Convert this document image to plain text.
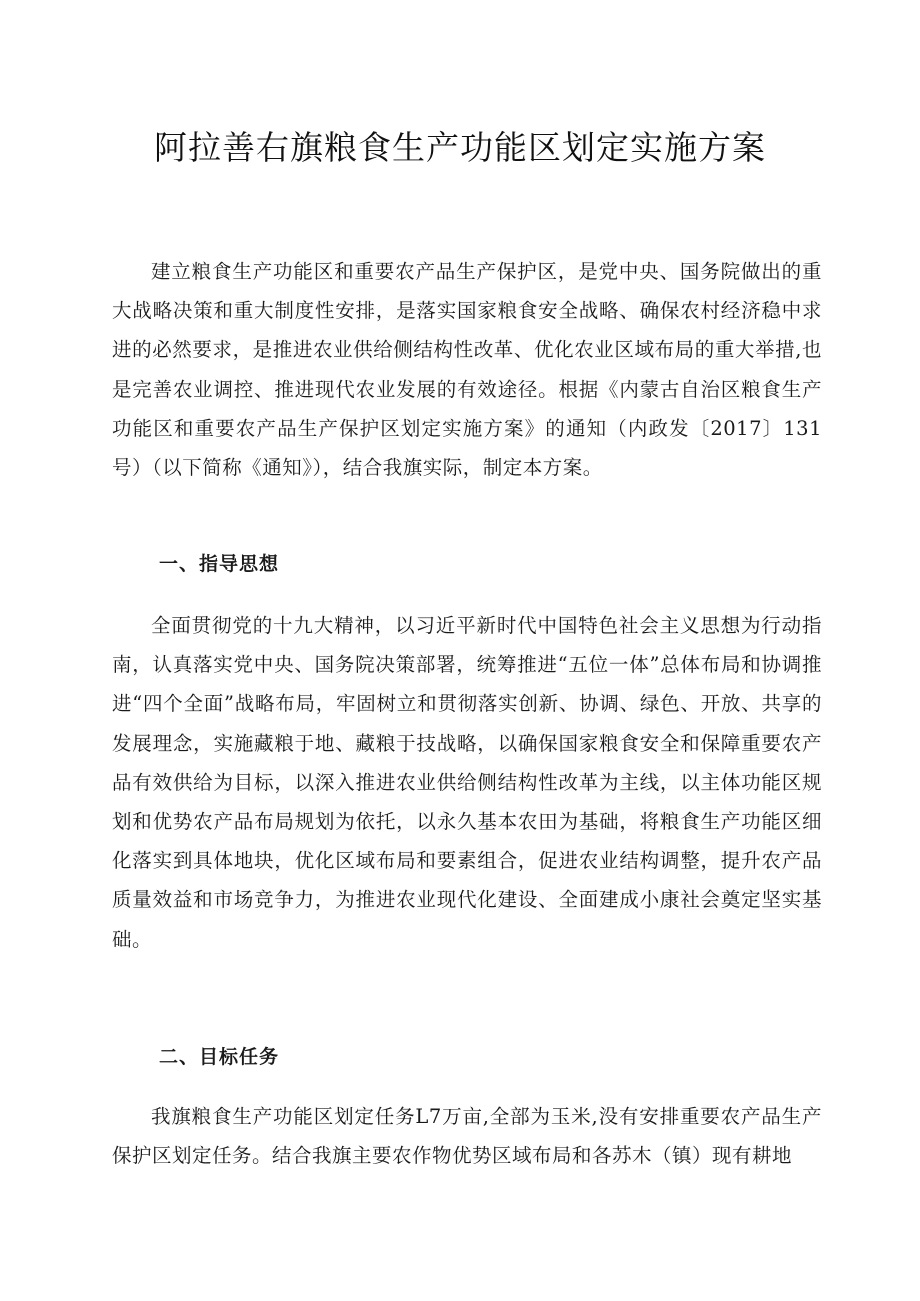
阿拉善右旗粮食生产功能区划定实施方案

建立粮食生产功能区和重要农产品生产保护区，是党中央、国务院做出的重大战略决策和重大制度性安排，是落实国家粮食安全战略、确保农村经济稳中求进的必然要求，是推进农业供给侧结构性改革、优化农业区域布局的重大举措,也是完善农业调控、推进现代农业发展的有效途径。根据《内蒙古自治区粮食生产功能区和重要农产品生产保护区划定实施方案》的通知（内政发〔2017〕131号）（以下简称《通知》），结合我旗实际，制定本方案。

一、指导思想

全面贯彻党的十九大精神，以习近平新时代中国特色社会主义思想为行动指南，认真落实党中央、国务院决策部署，统筹推进“五位一体”总体布局和协调推进“四个全面”战略布局，牢固树立和贯彻落实创新、协调、绿色、开放、共享的发展理念，实施藏粮于地、藏粮于技战略，以确保国家粮食安全和保障重要农产品有效供给为目标，以深入推进农业供给侧结构性改革为主线，以主体功能区规划和优势农产品布局规划为依托，以永久基本农田为基础，将粮食生产功能区细化落实到具体地块，优化区域布局和要素组合，促进农业结构调整，提升农产品质量效益和市场竞争力，为推进农业现代化建设、全面建成小康社会奠定坚实基础。

二、目标任务

我旗粮食生产功能区划定任务L7万亩,全部为玉米,没有安排重要农产品生产保护区划定任务。结合我旗主要农作物优势区域布局和各苏木（镇）现有耕地
